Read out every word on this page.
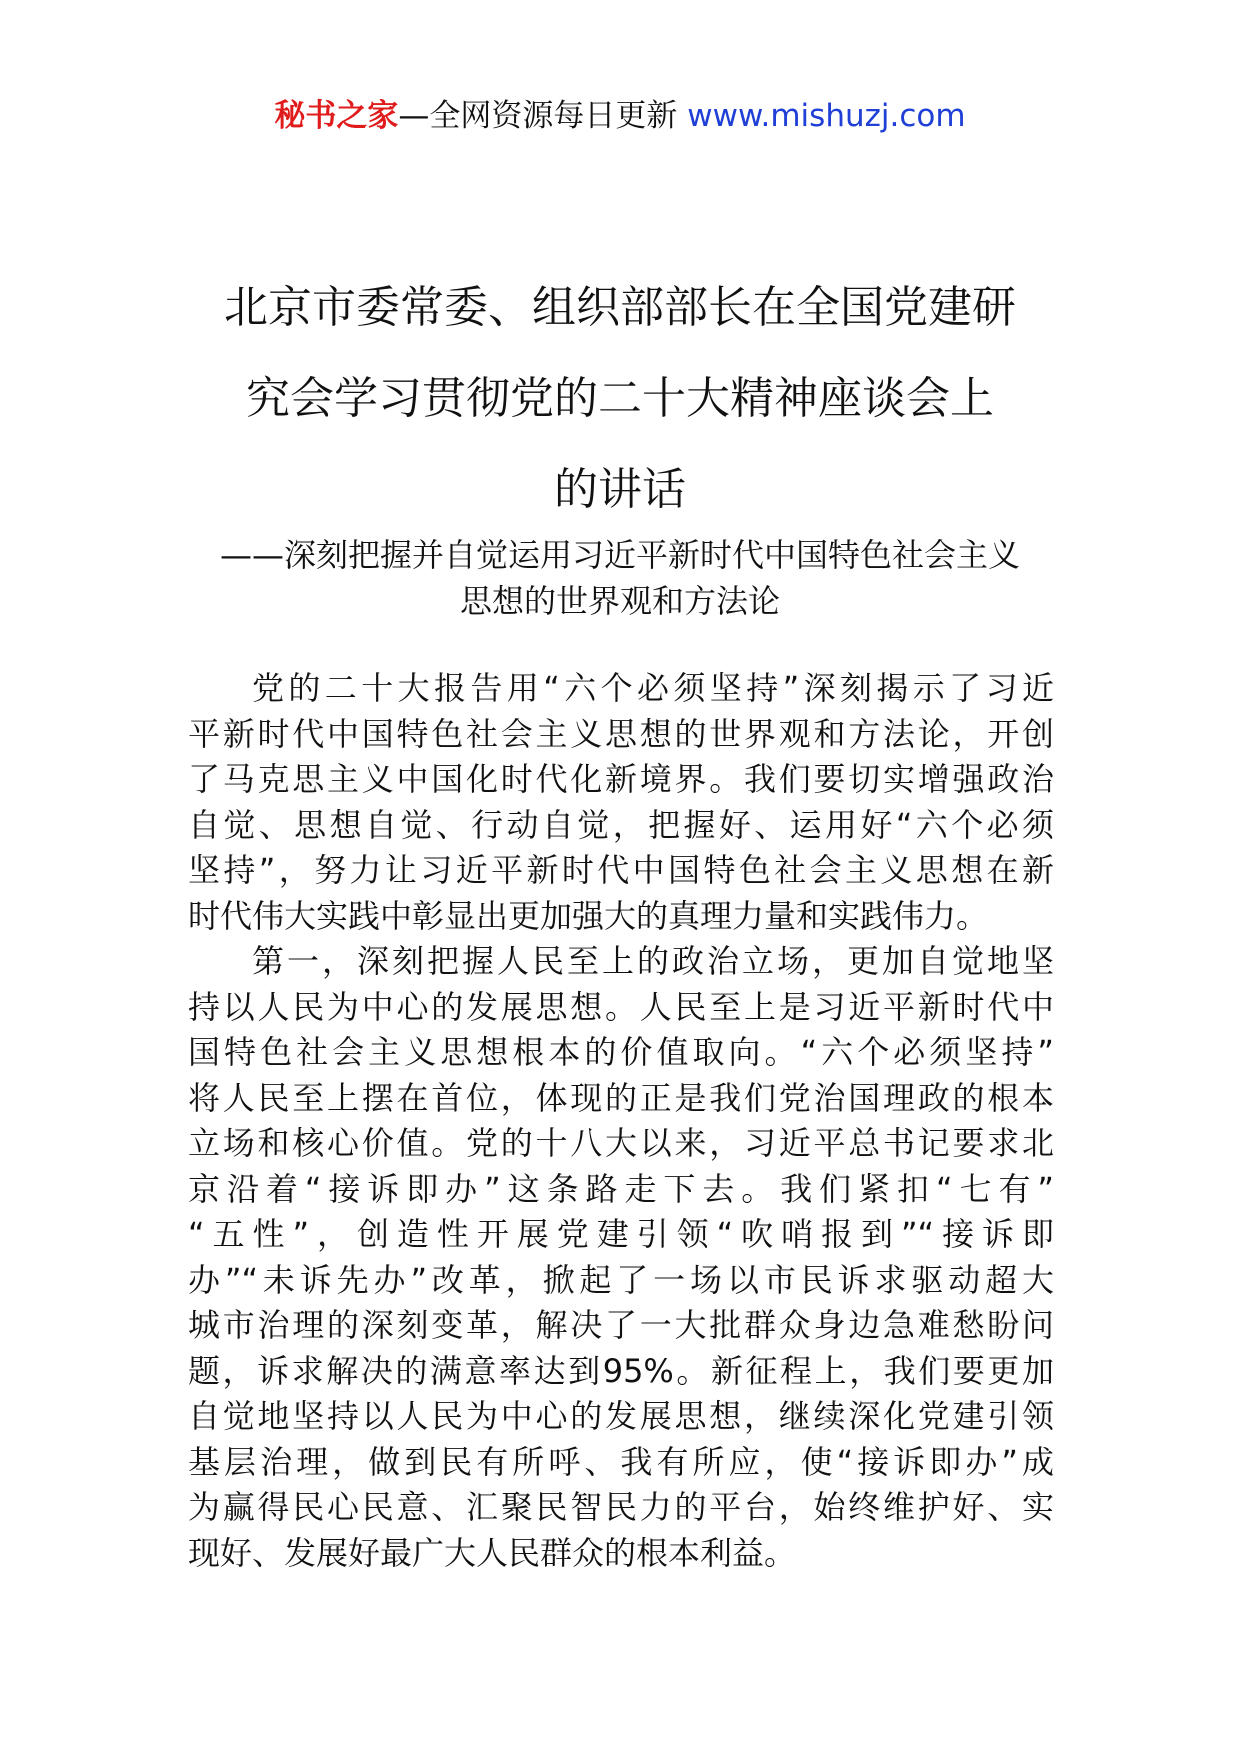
秘书之家—全网资源每日更新 www.mishuzj.com
北京市委常委、组织部部长在全国党建研
究会学习贯彻党的二十大精神座谈会上
的讲话
——深刻把握并自觉运用习近平新时代中国特色社会主义
思想的世界观和方法论
党的二十大报告用“六个必须坚持”深刻揭示了习近
平新时代中国特色社会主义思想的世界观和方法论，开创
了马克思主义中国化时代化新境界。我们要切实增强政治
自觉、思想自觉、行动自觉，把握好、运用好“六个必须
坚持”，努力让习近平新时代中国特色社会主义思想在新
时代伟大实践中彰显出更加强大的真理力量和实践伟力。
第一，深刻把握人民至上的政治立场，更加自觉地坚
持以人民为中心的发展思想。人民至上是习近平新时代中
国特色社会主义思想根本的价值取向。“六个必须坚持”
将人民至上摆在首位，体现的正是我们党治国理政的根本
立场和核心价值。党的十八大以来，习近平总书记要求北
京沿着“接诉即办”这条路走下去。我们紧扣“七有”
“五性”，创造性开展党建引领“吹哨报到”“接诉即
办”“未诉先办”改革，掀起了一场以市民诉求驱动超大
城市治理的深刻变革，解决了一大批群众身边急难愁盼问
题，诉求解决的满意率达到95%。新征程上，我们要更加
自觉地坚持以人民为中心的发展思想，继续深化党建引领
基层治理，做到民有所呼、我有所应，使“接诉即办”成
为赢得民心民意、汇聚民智民力的平台，始终维护好、实
现好、发展好最广大人民群众的根本利益。
